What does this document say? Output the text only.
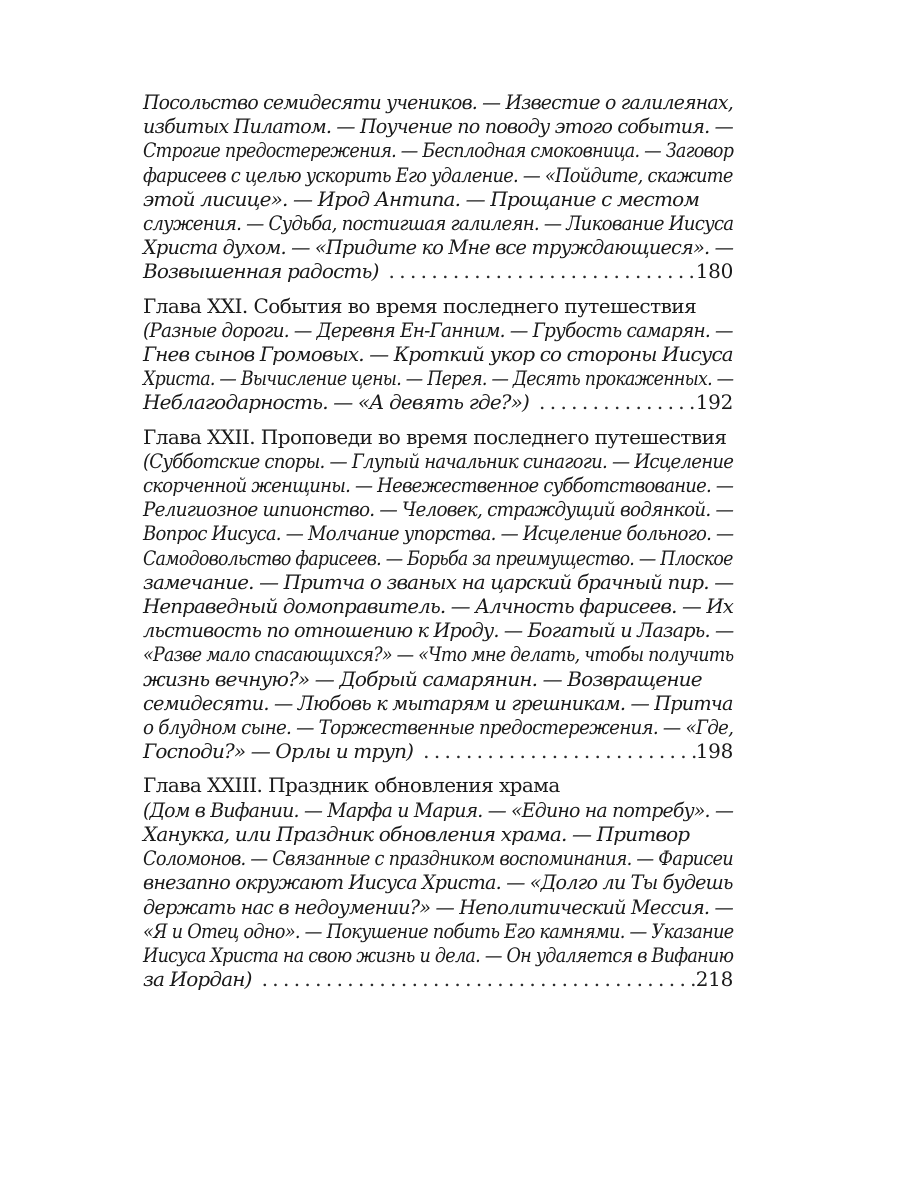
Посольство семидесяти учеников. — Известие о галилеянах,
избитых Пилатом. — Поучение по поводу этого события. —
Строгие предостережения. — Бесплодная смоковница. — Заговор
фарисеев с целью ускорить Его удаление. — «Пойдите, скажите
этой лисице». — Ирод Антипа. — Прощание с местом
служения. — Судьба, постигшая галилеян. — Ликование Иисуса
Христа духом. — «Придите ко Мне все труждающиеся». —
Возвышенная радость) . . .	180
Глава XXI. События во время последнего путешествия
(Разные дороги. — Деревня Ен-Ганним. — Грубость самарян. —
Гнев сынов Громовых. — Кроткий укор со стороны Иисуса
Христа. — Вычисление цены. — Перея. — Десять прокаженных. —
Неблагодарность. — «А девять где?») . . .	192
Глава XXII. Проповеди во время последнего путешествия
(Субботские споры. — Глупый начальник синагоги. — Исцеление
скорченной женщины. — Невежественное субботствование. —
Религиозное шпионство. — Человек, страждущий водянкой. —
Вопрос Иисуса. — Молчание упорства. — Исцеление больного. —
Самодовольство фарисеев. — Борьба за преимущество. — Плоское
замечание. — Притча о званых на царский брачный пир. —
Неправедный домоправитель. — Алчность фарисеев. — Их
льстивость по отношению к Ироду. — Богатый и Лазарь. —
«Разве мало спасающихся?» — «Что мне делать, чтобы получить
жизнь вечную?» — Добрый самарянин. — Возвращение
семидесяти. — Любовь к мытарям и грешникам. — Притча
о блудном сыне. — Торжественные предостережения. — «Где,
Господи?» — Орлы и труп) . . .	198
Глава XXIII. Праздник обновления храма
(Дом в Вифании. — Марфа и Мария. — «Едино на потребу». —
Ханукка, или Праздник обновления храма. — Притвор
Соломонов. — Связанные с праздником воспоминания. — Фарисеи
внезапно окружают Иисуса Христа. — «Долго ли Ты будешь
держать нас в недоумении?» — Неполитический Мессия. —
«Я и Отец одно». — Покушение побить Его камнями. — Указание
Иисуса Христа на свою жизнь и дела. — Он удаляется в Вифанию
за Иордан) . . .	218
